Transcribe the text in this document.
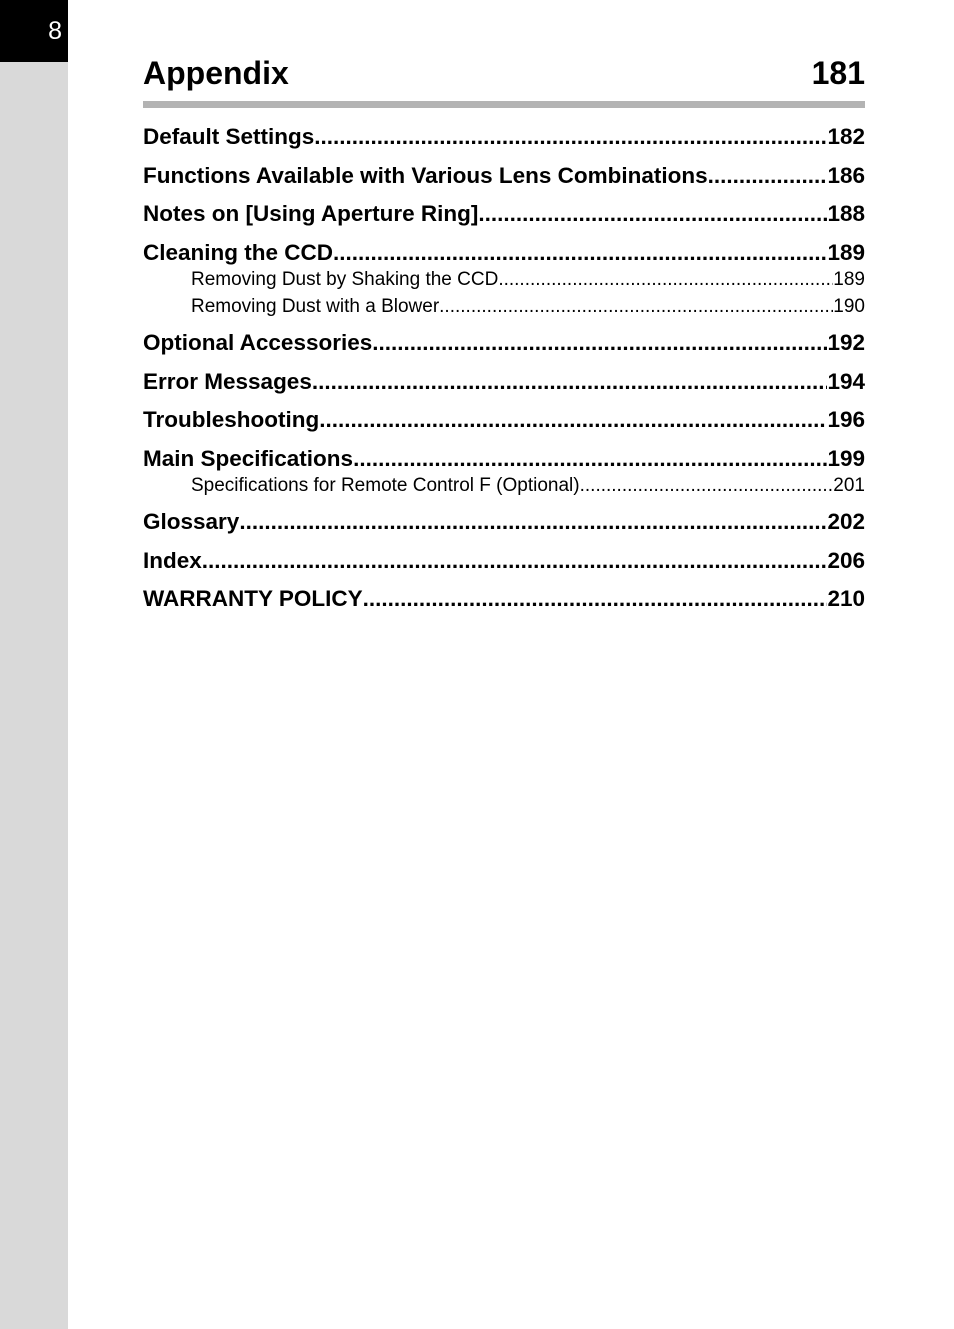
8
Appendix	181
Default Settings .....	182
Functions Available with Various Lens Combinations .....	186
Notes on [Using Aperture Ring] .....	188
Cleaning the CCD .....	189
Removing Dust by Shaking the CCD .....	189
Removing Dust with a Blower .....	190
Optional Accessories .....	192
Error Messages .....	194
Troubleshooting .....	196
Main Specifications .....	199
Specifications for Remote Control F (Optional) .....	201
Glossary .....	202
Index .....	206
WARRANTY POLICY .....	210
